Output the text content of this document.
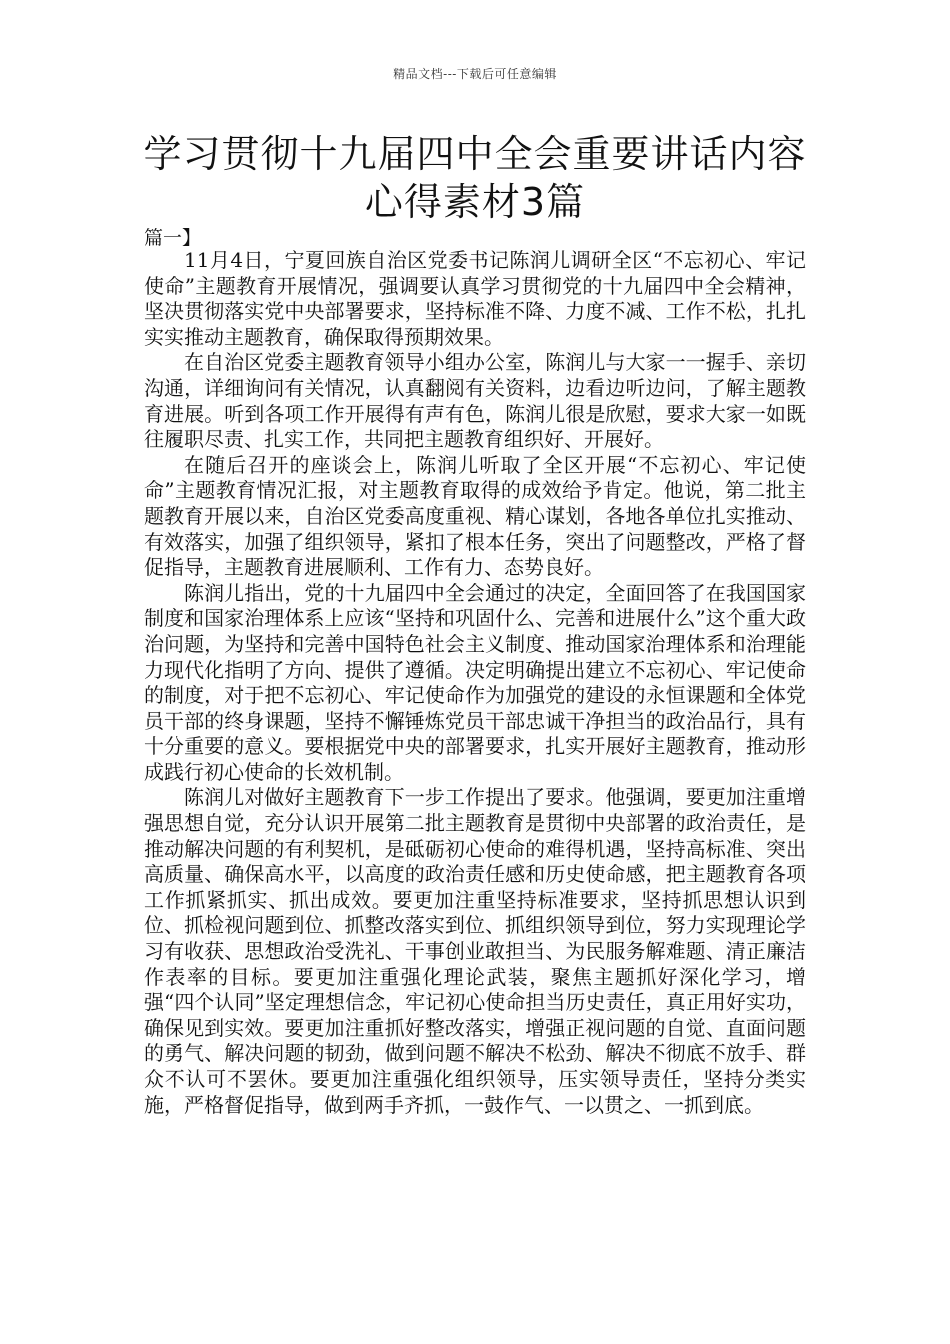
精品文档---下载后可任意编辑
学习贯彻十九届四中全会重要讲话内容
心得素材3篇
篇一】

11月4日，宁夏回族自治区党委书记陈润儿调研全区“不忘初心、牢记使命”主题教育开展情况，强调要认真学习贯彻党的十九届四中全会精神，坚决贯彻落实党中央部署要求，坚持标准不降、力度不减、工作不松，扎扎实实推动主题教育，确保取得预期效果。

在自治区党委主题教育领导小组办公室，陈润儿与大家一一握手、亲切沟通，详细询问有关情况，认真翻阅有关资料，边看边听边问，了解主题教育进展。听到各项工作开展得有声有色，陈润儿很是欣慰，要求大家一如既往履职尽责、扎实工作，共同把主题教育组织好、开展好。

在随后召开的座谈会上，陈润儿听取了全区开展“不忘初心、牢记使命”主题教育情况汇报，对主题教育取得的成效给予肯定。他说，第二批主题教育开展以来，自治区党委高度重视、精心谋划，各地各单位扎实推动、有效落实，加强了组织领导，紧扣了根本任务，突出了问题整改，严格了督促指导，主题教育进展顺利、工作有力、态势良好。

陈润儿指出，党的十九届四中全会通过的决定，全面回答了在我国国家制度和国家治理体系上应该“坚持和巩固什么、完善和进展什么”这个重大政治问题，为坚持和完善中国特色社会主义制度、推动国家治理体系和治理能力现代化指明了方向、提供了遵循。决定明确提出建立不忘初心、牢记使命的制度，对于把不忘初心、牢记使命作为加强党的建设的永恒课题和全体党员干部的终身课题，坚持不懈锤炼党员干部忠诚干净担当的政治品行，具有十分重要的意义。要根据党中央的部署要求，扎实开展好主题教育，推动形成践行初心使命的长效机制。

陈润儿对做好主题教育下一步工作提出了要求。他强调，要更加注重增强思想自觉，充分认识开展第二批主题教育是贯彻中央部署的政治责任，是推动解决问题的有利契机，是砥砺初心使命的难得机遇，坚持高标准、突出高质量、确保高水平，以高度的政治责任感和历史使命感，把主题教育各项工作抓紧抓实、抓出成效。要更加注重坚持标准要求，坚持抓思想认识到位、抓检视问题到位、抓整改落实到位、抓组织领导到位，努力实现理论学习有收获、思想政治受洗礼、干事创业敢担当、为民服务解难题、清正廉洁作表率的目标。要更加注重强化理论武装，聚焦主题抓好深化学习，增强“四个认同”坚定理想信念，牢记初心使命担当历史责任，真正用好实功，确保见到实效。要更加注重抓好整改落实，增强正视问题的自觉、直面问题的勇气、解决问题的韧劲，做到问题不解决不松劲、解决不彻底不放手、群众不认可不罢休。要更加注重强化组织领导，压实领导责任，坚持分类实施，严格督促指导，做到两手齐抓，一鼓作气、一以贯之、一抓到底。
